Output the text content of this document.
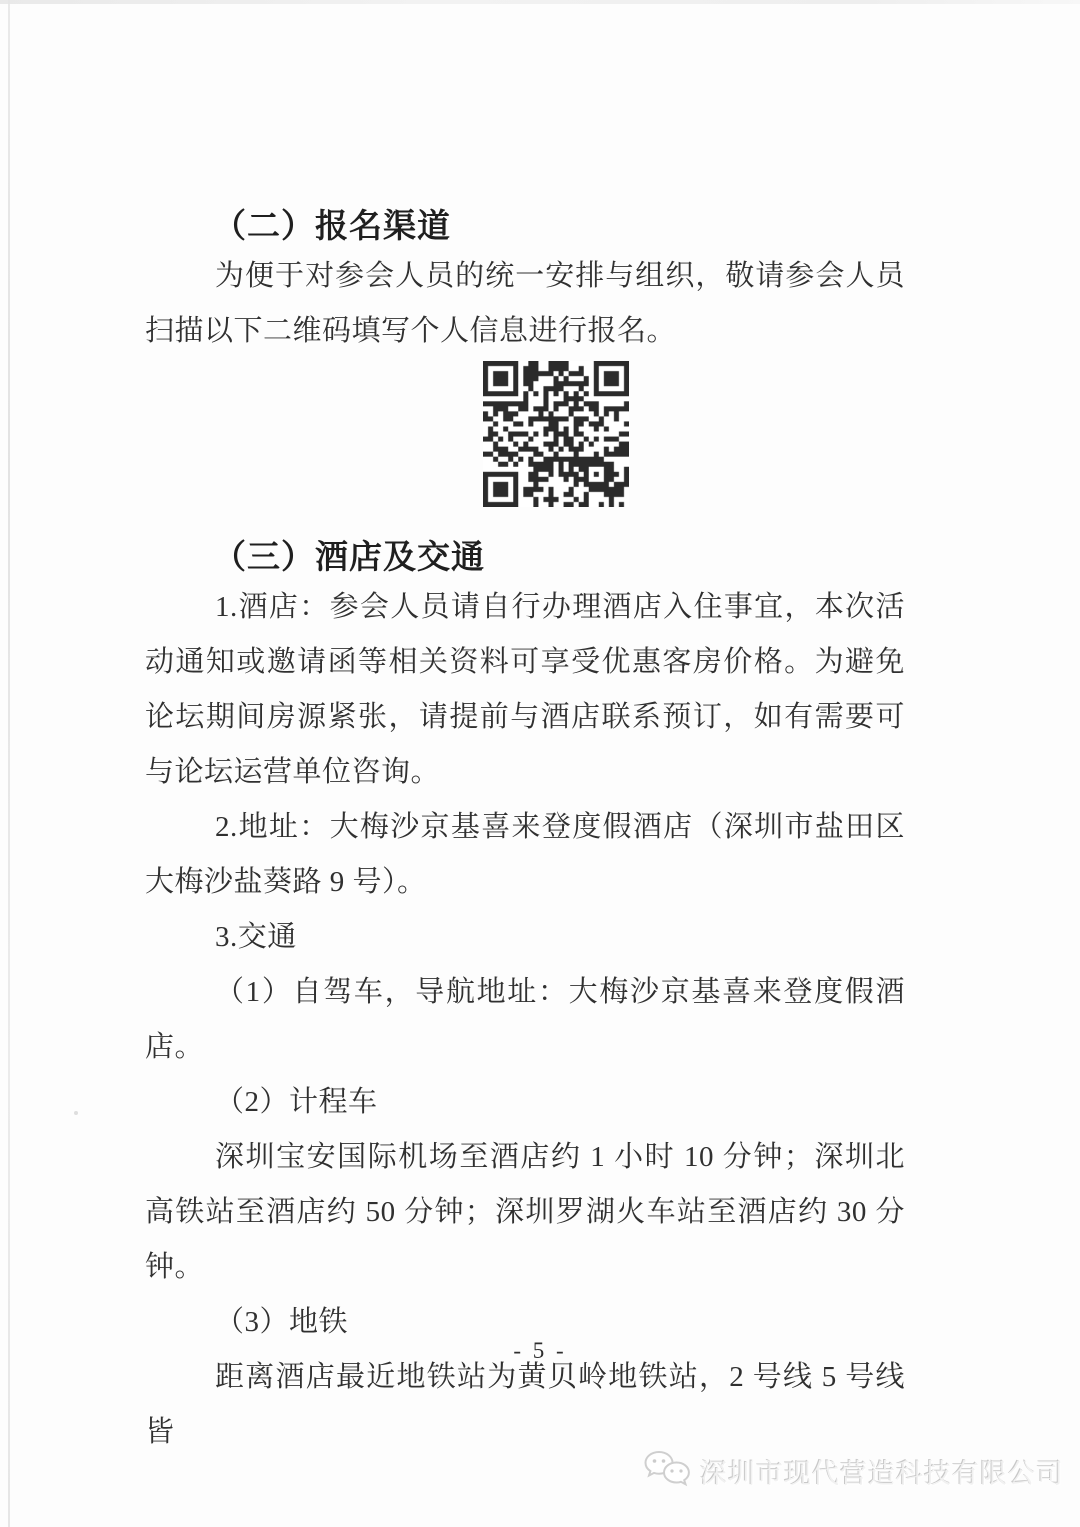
（二）报名渠道

为便于对参会人员的统一安排与组织，敬请参会人员扫描以下二维码填写个人信息进行报名。

（三）酒店及交通

1.酒店：参会人员请自行办理酒店入住事宜，本次活动通知或邀请函等相关资料可享受优惠客房价格。为避免论坛期间房源紧张，请提前与酒店联系预订，如有需要可与论坛运营单位咨询。

2.地址：大梅沙京基喜来登度假酒店（深圳市盐田区大梅沙盐葵路 9 号）。

3.交通

（1）自驾车，导航地址：大梅沙京基喜来登度假酒店。

（2）计程车

深圳宝安国际机场至酒店约 1 小时 10 分钟；深圳北高铁站至酒店约 50 分钟；深圳罗湖火车站至酒店约 30 分钟。

（3）地铁

距离酒店最近地铁站为黄贝岭地铁站，2 号线 5 号线皆

- 5 -
深圳市现代营造科技有限公司
